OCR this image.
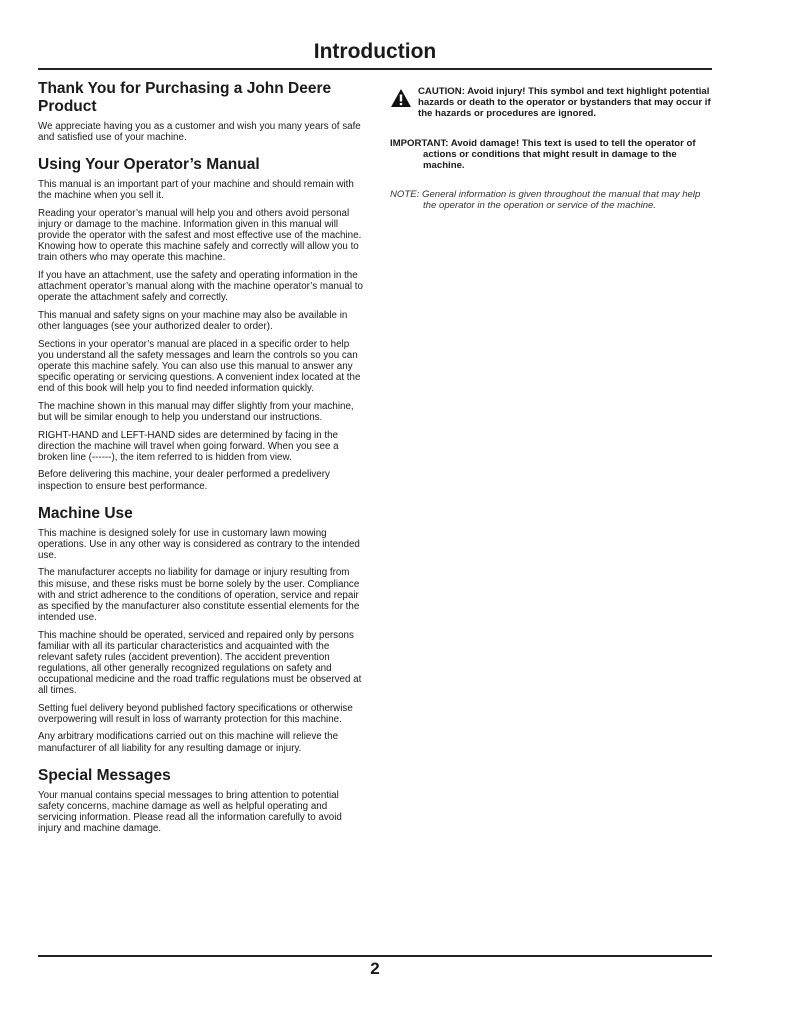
Introduction
Thank You for Purchasing a John Deere Product

We appreciate having you as a customer and wish you many years of safe and satisfied use of your machine.

Using Your Operator’s Manual

This manual is an important part of your machine and should remain with the machine when you sell it.

Reading your operator’s manual will help you and others avoid personal injury or damage to the machine. Information given in this manual will provide the operator with the safest and most effective use of the machine. Knowing how to operate this machine safely and correctly will allow you to train others who may operate this machine.

If you have an attachment, use the safety and operating information in the attachment operator’s manual along with the machine operator’s manual to operate the attachment safely and correctly.

This manual and safety signs on your machine may also be available in other languages (see your authorized dealer to order).

Sections in your operator’s manual are placed in a specific order to help you understand all the safety messages and learn the controls so you can operate this machine safely. You can also use this manual to answer any specific operating or servicing questions. A convenient index located at the end of this book will help you to find needed information quickly.

The machine shown in this manual may differ slightly from your machine, but will be similar enough to help you understand our instructions.

RIGHT-HAND and LEFT-HAND sides are determined by facing in the direction the machine will travel when going forward. When you see a broken line (------), the item referred to is hidden from view.

Before delivering this machine, your dealer performed a predelivery inspection to ensure best performance.

Machine Use

This machine is designed solely for use in customary lawn mowing operations. Use in any other way is considered as contrary to the intended use.

The manufacturer accepts no liability for damage or injury resulting from this misuse, and these risks must be borne solely by the user. Compliance with and strict adherence to the conditions of operation, service and repair as specified by the manufacturer also constitute essential elements for the intended use.

This machine should be operated, serviced and repaired only by persons familiar with all its particular characteristics and acquainted with the relevant safety rules (accident prevention). The accident prevention regulations, all other generally recognized regulations on safety and occupational medicine and the road traffic regulations must be observed at all times.

Setting fuel delivery beyond published factory specifications or otherwise overpowering will result in loss of warranty protection for this machine.

Any arbitrary modifications carried out on this machine will relieve the manufacturer of all liability for any resulting damage or injury.

Special Messages

Your manual contains special messages to bring attention to potential safety concerns, machine damage as well as helpful operating and servicing information. Please read all the information carefully to avoid injury and machine damage.

CAUTION: Avoid injury! This symbol and text highlight potential hazards or death to the operator or bystanders that may occur if the hazards or procedures are ignored.
IMPORTANT: Avoid damage! This text is used to tell the operator of actions or conditions that might result in damage to the machine.
NOTE: General information is given throughout the manual that may help the operator in the operation or service of the machine.
2
